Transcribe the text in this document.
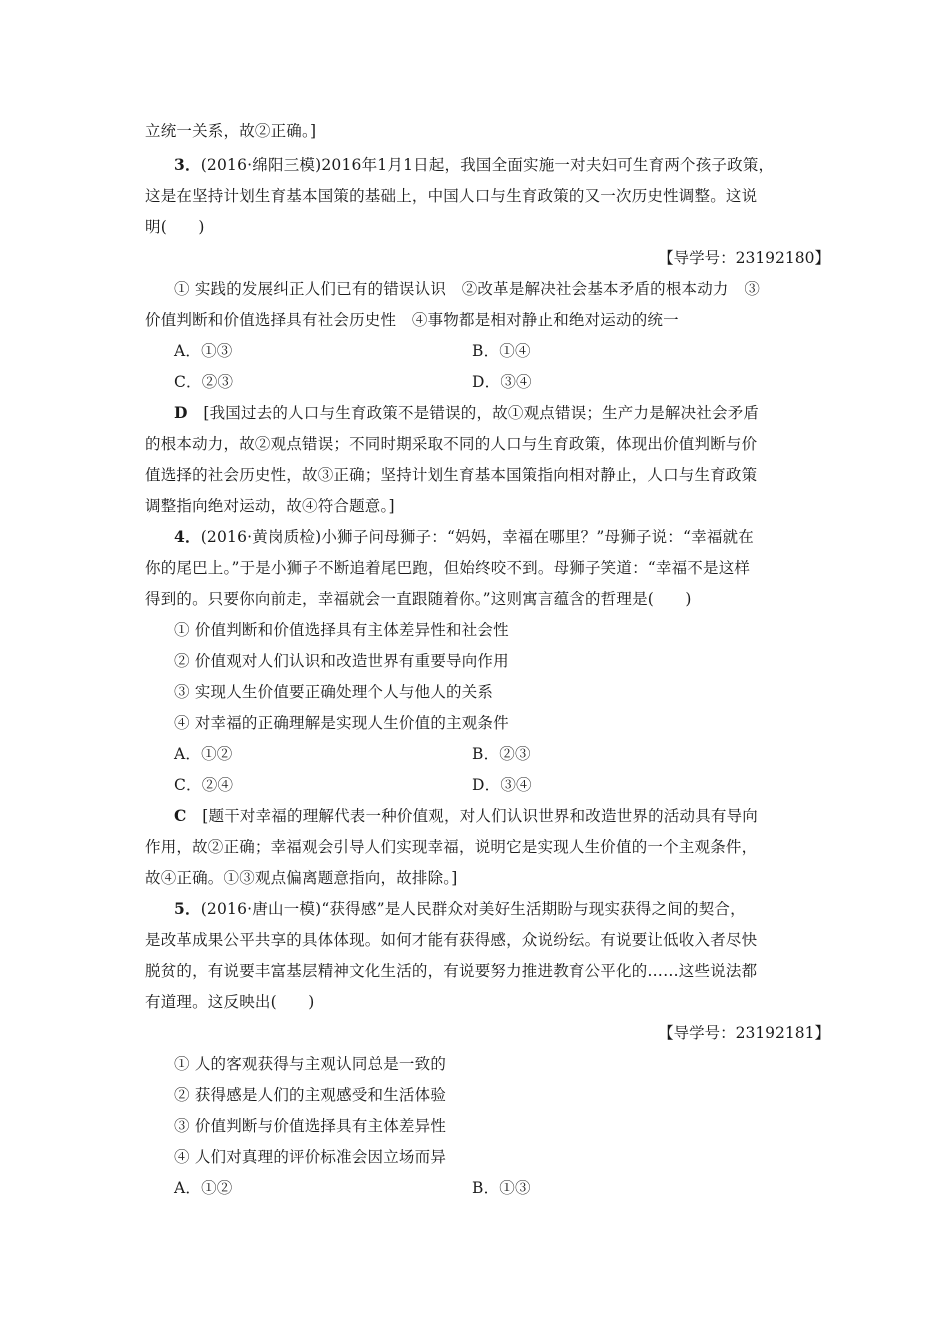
立统一关系，故②正确。]
3．(2016·绵阳三模)2016年1月1日起，我国全面实施一对夫妇可生育两个孩子政策，
这是在坚持计划生育基本国策的基础上，中国人口与生育政策的又一次历史性调整。这说
明(　　)
【导学号：23192180】
① 实践的发展纠正人们已有的错误认识　②改革是解决社会基本矛盾的根本动力　③
价值判断和价值选择具有社会历史性　④事物都是相对静止和绝对运动的统一
A．①③	B．①④
C．②③	D．③④
D　 [我国过去的人口与生育政策不是错误的，故①观点错误；生产力是解决社会矛盾
的根本动力，故②观点错误；不同时期采取不同的人口与生育政策，体现出价值判断与价
值选择的社会历史性，故③正确；坚持计划生育基本国策指向相对静止，人口与生育政策
调整指向绝对运动，故④符合题意。]
4．(2016·黄岗质检)小狮子问母狮子：“妈妈，幸福在哪里？”母狮子说：“幸福就在
你的尾巴上。”于是小狮子不断追着尾巴跑，但始终咬不到。母狮子笑道：“幸福不是这样
得到的。只要你向前走，幸福就会一直跟随着你。”这则寓言蕴含的哲理是(　　)
① 价值判断和价值选择具有主体差异性和社会性
② 价值观对人们认识和改造世界有重要导向作用
③ 实现人生价值要正确处理个人与他人的关系
④ 对幸福的正确理解是实现人生价值的主观条件
A．①②	B．②③
C．②④	D．③④
C　 [题干对幸福的理解代表一种价值观，对人们认识世界和改造世界的活动具有导向
作用，故②正确；幸福观会引导人们实现幸福，说明它是实现人生价值的一个主观条件，
故④正确。①③观点偏离题意指向，故排除。]
5．(2016·唐山一模)“获得感”是人民群众对美好生活期盼与现实获得之间的契合，
是改革成果公平共享的具体体现。如何才能有获得感，众说纷纭。有说要让低收入者尽快
脱贫的，有说要丰富基层精神文化生活的，有说要努力推进教育公平化的……这些说法都
有道理。这反映出(　　)
【导学号：23192181】
① 人的客观获得与主观认同总是一致的
② 获得感是人们的主观感受和生活体验
③ 价值判断与价值选择具有主体差异性
④ 人们对真理的评价标准会因立场而异
A．①②	B．①③
